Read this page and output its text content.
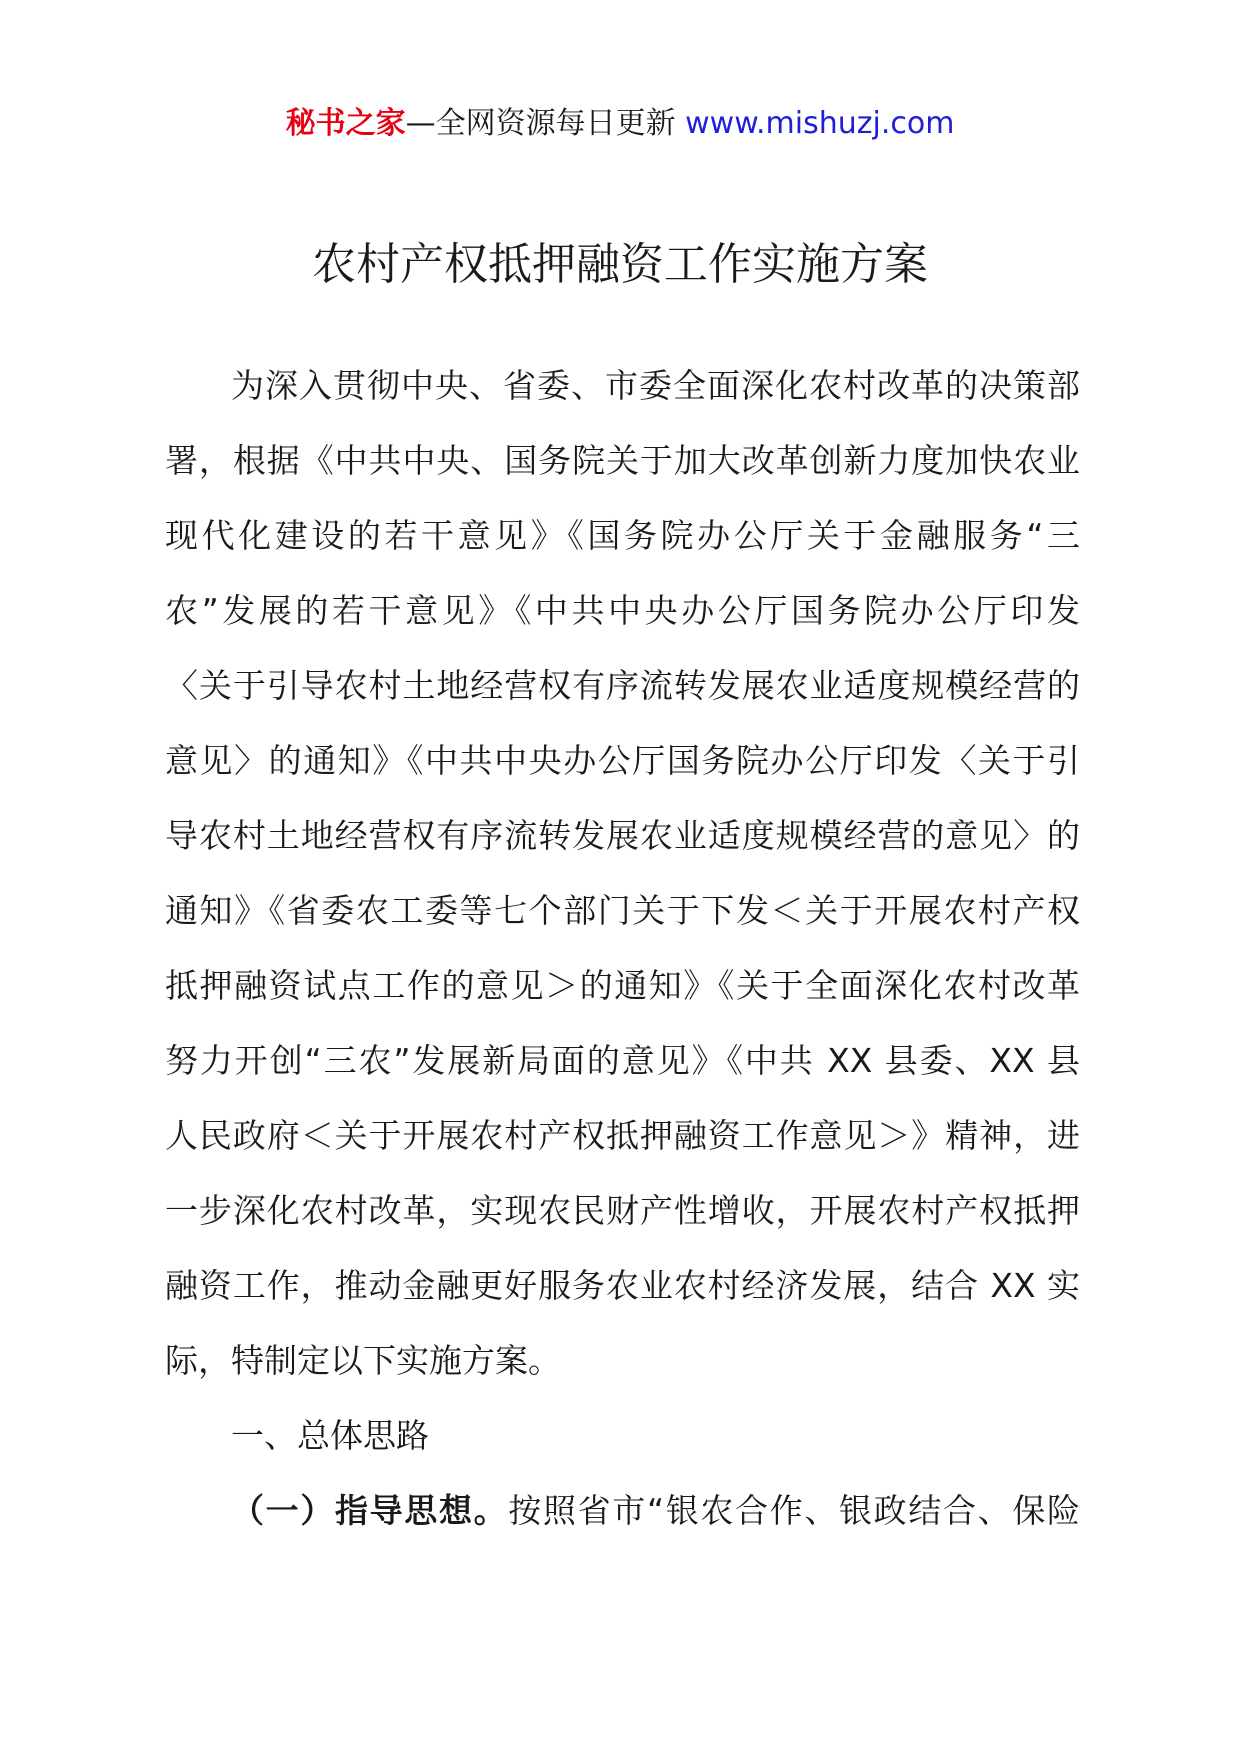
秘书之家—全网资源每日更新 www.mishuzj.com
农村产权抵押融资工作实施方案
为深入贯彻中央、省委、市委全面深化农村改革的决策部
署，根据《中共中央、国务院关于加大改革创新力度加快农业
现代化建设的若干意见》《国务院办公厅关于金融服务“三
农”发展的若干意见》《中共中央办公厅国务院办公厅印发
〈关于引导农村土地经营权有序流转发展农业适度规模经营的
意见〉的通知》《中共中央办公厅国务院办公厅印发〈关于引
导农村土地经营权有序流转发展农业适度规模经营的意见〉的
通知》《省委农工委等七个部门关于下发＜关于开展农村产权
抵押融资试点工作的意见＞的通知》《关于全面深化农村改革
努力开创“三农”发展新局面的意见》《中共 XX 县委、XX 县
人民政府＜关于开展农村产权抵押融资工作意见＞》精神，进
一步深化农村改革，实现农民财产性增收，开展农村产权抵押
融资工作，推动金融更好服务农业农村经济发展，结合 XX 实
际，特制定以下实施方案。
一、总体思路
（一）指导思想。按照省市“银农合作、银政结合、保险
